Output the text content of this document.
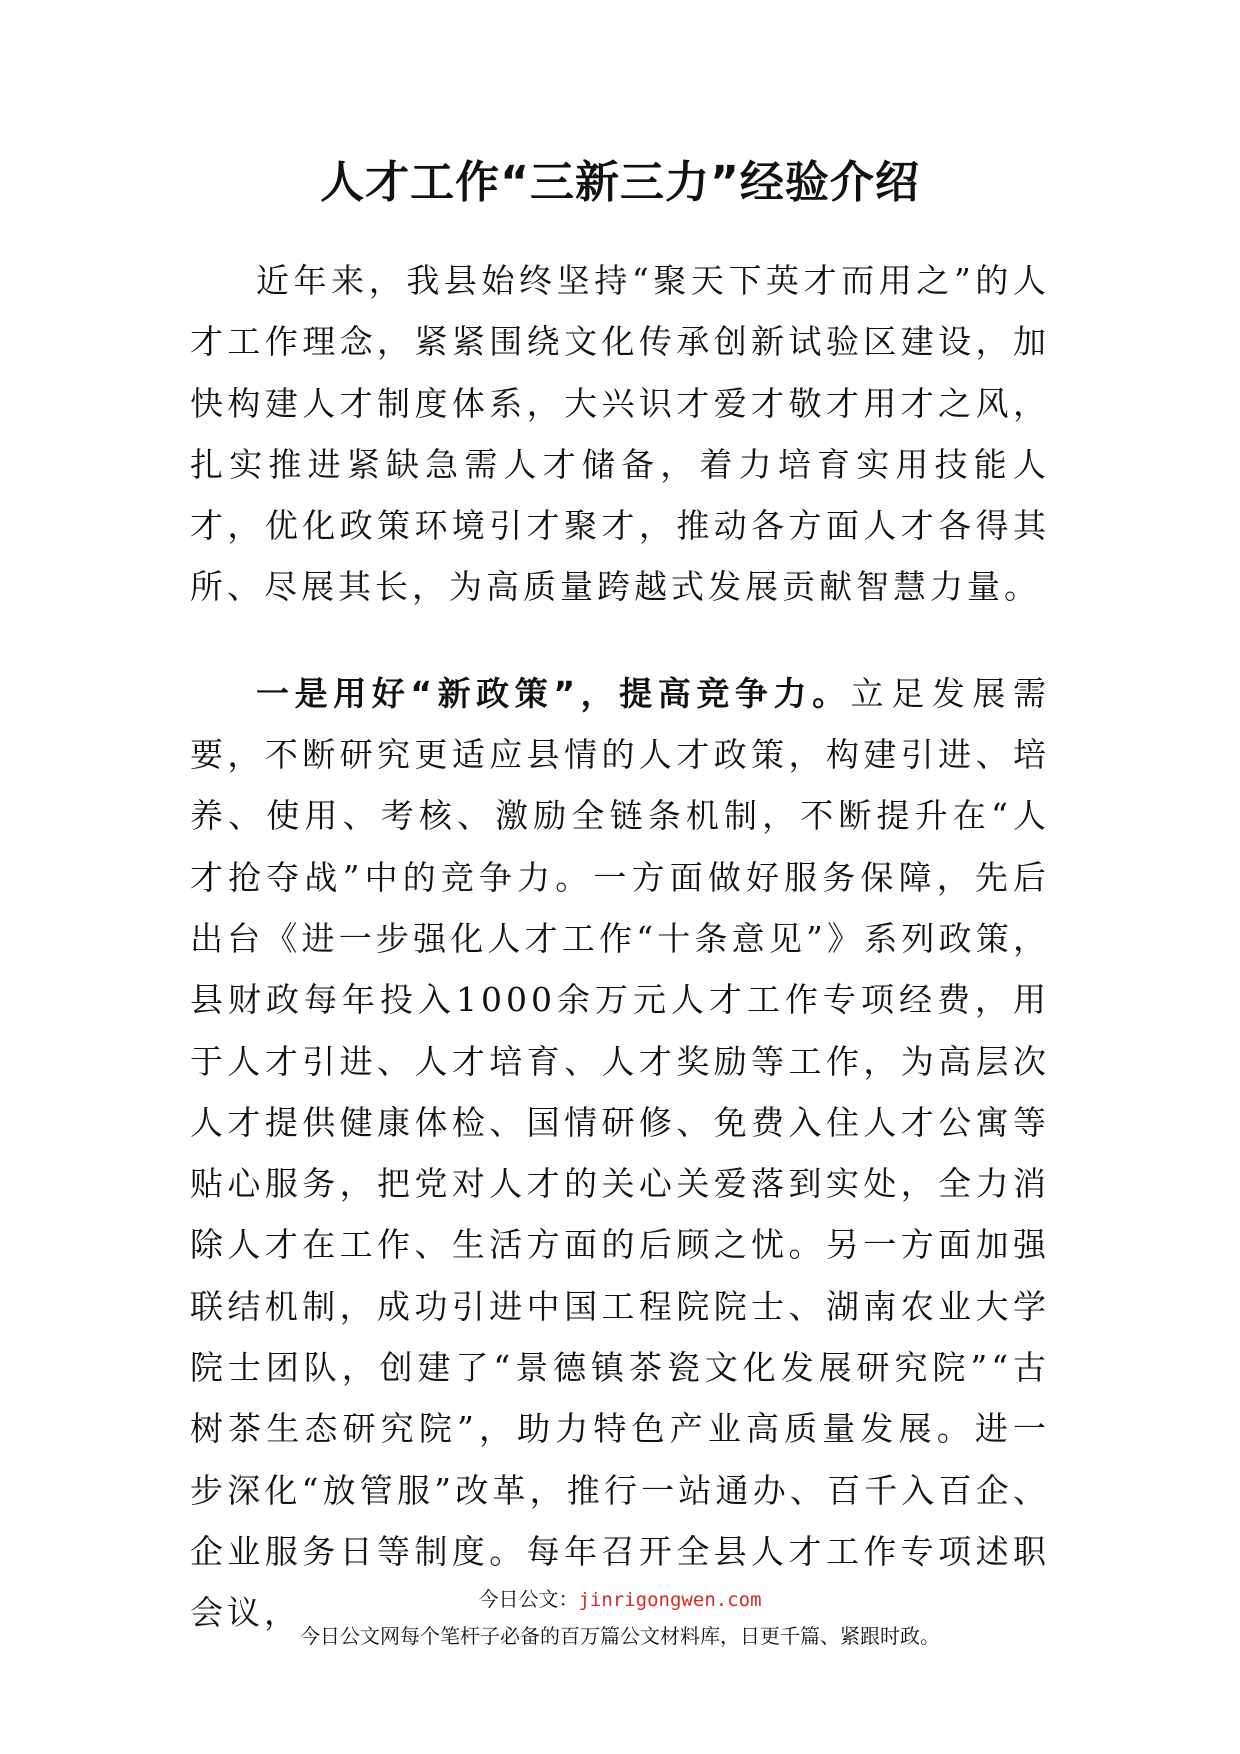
人才工作“三新三力”经验介绍

近年来，我县始终坚持“聚天下英才而用之”的人才工作理念，紧紧围绕文化传承创新试验区建设，加快构建人才制度体系，大兴识才爱才敬才用才之风，扎实推进紧缺急需人才储备，着力培育实用技能人才，优化政策环境引才聚才，推动各方面人才各得其所、尽展其长，为高质量跨越式发展贡献智慧力量。

一是用好“新政策”，提高竞争力。立足发展需要，不断研究更适应县情的人才政策，构建引进、培养、使用、考核、激励全链条机制，不断提升在“人才抢夺战”中的竞争力。一方面做好服务保障，先后出台《进一步强化人才工作“十条意见”》系列政策，县财政每年投入1000余万元人才工作专项经费，用于人才引进、人才培育、人才奖励等工作，为高层次人才提供健康体检、国情研修、免费入住人才公寓等贴心服务，把党对人才的关心关爱落到实处，全力消除人才在工作、生活方面的后顾之忧。另一方面加强联结机制，成功引进中国工程院院士、湖南农业大学院士团队，创建了“景德镇茶瓷文化发展研究院”“古树茶生态研究院”，助力特色产业高质量发展。进一步深化“放管服”改革，推行一站通办、百千入百企、企业服务日等制度。每年召开全县人才工作专项述职会议，	今日公文：jinrigongwen.com
今日公文网每个笔杆子必备的百万篇公文材料库，日更千篇、紧跟时政。
